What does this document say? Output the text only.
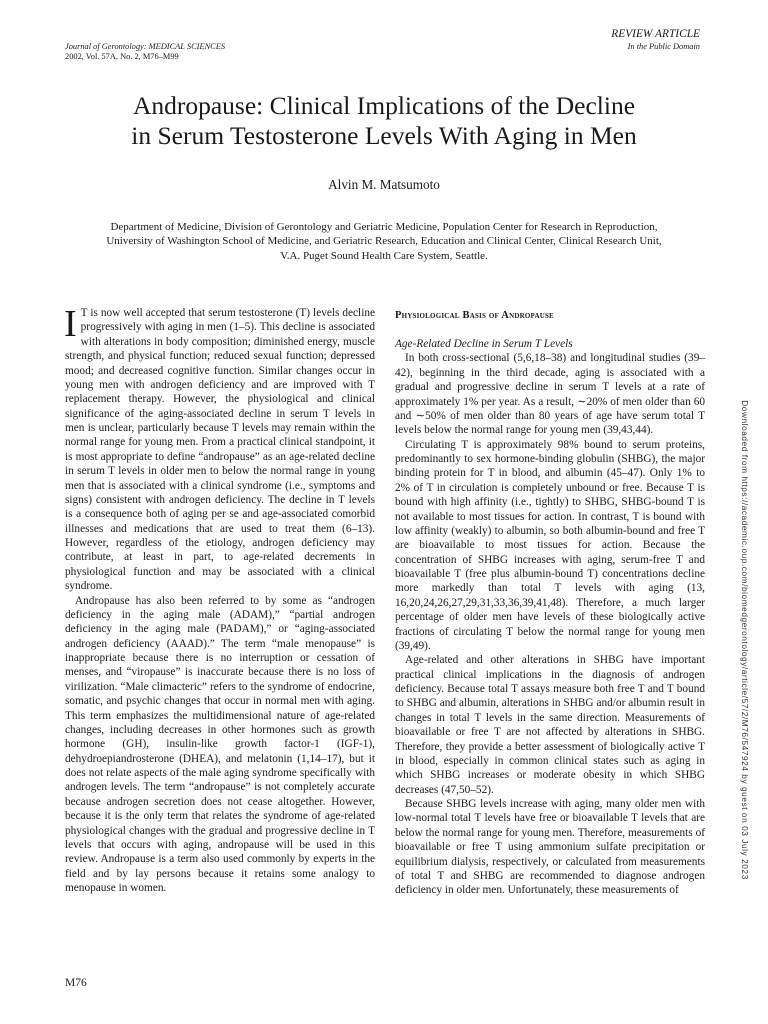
Journal of Gerontology: MEDICAL SCIENCES
2002, Vol. 57A, No. 2, M76–M99
REVIEW ARTICLE
In the Public Domain
Andropause: Clinical Implications of the Decline
in Serum Testosterone Levels With Aging in Men
Alvin M. Matsumoto
Department of Medicine, Division of Gerontology and Geriatric Medicine, Population Center for Research in Reproduction,
University of Washington School of Medicine, and Geriatric Research, Education and Clinical Center, Clinical Research Unit,
V.A. Puget Sound Health Care System, Seattle.

I T is now well accepted that serum testosterone (T) levels decline progressively with aging in men (1–5). This decline is associated with alterations in body composition; diminished energy, muscle strength, and physical function; reduced sexual function; depressed mood; and decreased cognitive function. Similar changes occur in young men with androgen deficiency and are improved with T replacement therapy. However, the physiological and clinical significance of the aging-associated decline in serum T levels in men is unclear, particularly because T levels may remain within the normal range for young men. From a practical clinical standpoint, it is most appropriate to define “andropause” as an age-related decline in serum T levels in older men to below the normal range in young men that is associated with a clinical syndrome (i.e., symptoms and signs) consistent with androgen deficiency. The decline in T levels is a consequence both of aging per se and age-associated comorbid illnesses and medications that are used to treat them (6–13). However, regardless of the etiology, androgen deficiency may contribute, at least in part, to age-related decrements in physiological function and may be associated with a clinical syndrome.

Andropause has also been referred to by some as “androgen deficiency in the aging male (ADAM),” “partial androgen deficiency in the aging male (PADAM),” or “aging-associated androgen deficiency (AAAD).” The term “male menopause” is inappropriate because there is no interruption or cessation of menses, and “viropause” is inaccurate because there is no loss of virilization. “Male climacteric” refers to the syndrome of endocrine, somatic, and psychic changes that occur in normal men with aging. This term emphasizes the multidimensional nature of age-related changes, including decreases in other hormones such as growth hormone (GH), insulin-like growth factor-1 (IGF-1), dehydroepiandrosterone (DHEA), and melatonin (1,14–17), but it does not relate aspects of the male aging syndrome specifically with androgen levels. The term “andropause” is not completely accurate because androgen secretion does not cease altogether. However, because it is the only term that relates the syndrome of age-related physiological changes with the gradual and progressive decline in T levels that occurs with aging, andropause will be used in this review. Andropause is a term also used commonly by experts in the field and by lay persons because it retains some analogy to menopause in women.

Physiological Basis of Andropause
Age-Related Decline in Serum T Levels

In both cross-sectional (5,6,18–38) and longitudinal studies (39–42), beginning in the third decade, aging is associated with a gradual and progressive decline in serum T levels at a rate of approximately 1% per year. As a result, ∼20% of men older than 60 and ∼50% of men older than 80 years of age have serum total T levels below the normal range for young men (39,43,44).

Circulating T is approximately 98% bound to serum proteins, predominantly to sex hormone-binding globulin (SHBG), the major binding protein for T in blood, and albumin (45–47). Only 1% to 2% of T in circulation is completely unbound or free. Because T is bound with high affinity (i.e., tightly) to SHBG, SHBG-bound T is not available to most tissues for action. In contrast, T is bound with low affinity (weakly) to albumin, so both albumin-bound and free T are bioavailable to most tissues for action. Because the concentration of SHBG increases with aging, serum-free T and bioavailable T (free plus albumin-bound T) concentrations decline more markedly than total T levels with aging (13, 16,20,24,26,27,29,31,33,36,39,41,48). Therefore, a much larger percentage of older men have levels of these biologically active fractions of circulating T below the normal range for young men (39,49).

Age-related and other alterations in SHBG have important practical clinical implications in the diagnosis of androgen deficiency. Because total T assays measure both free T and T bound to SHBG and albumin, alterations in SHBG and/or albumin result in changes in total T levels in the same direction. Measurements of bioavailable or free T are not affected by alterations in SHBG. Therefore, they provide a better assessment of biologically active T in blood, especially in common clinical states such as aging in which SHBG increases or moderate obesity in which SHBG decreases (47,50–52).

Because SHBG levels increase with aging, many older men with low-normal total T levels have free or bioavailable T levels that are below the normal range for young men. Therefore, measurements of bioavailable or free T using ammonium sulfate precipitation or equilibrium dialysis, respectively, or calculated from measurements of total T and SHBG are recommended to diagnose androgen deficiency in older men. Unfortunately, these measurements of

M76
Downloaded from https://academic.oup.com/biomedgerontology/article/57/2/M76/547924 by guest on 03 July 2023
